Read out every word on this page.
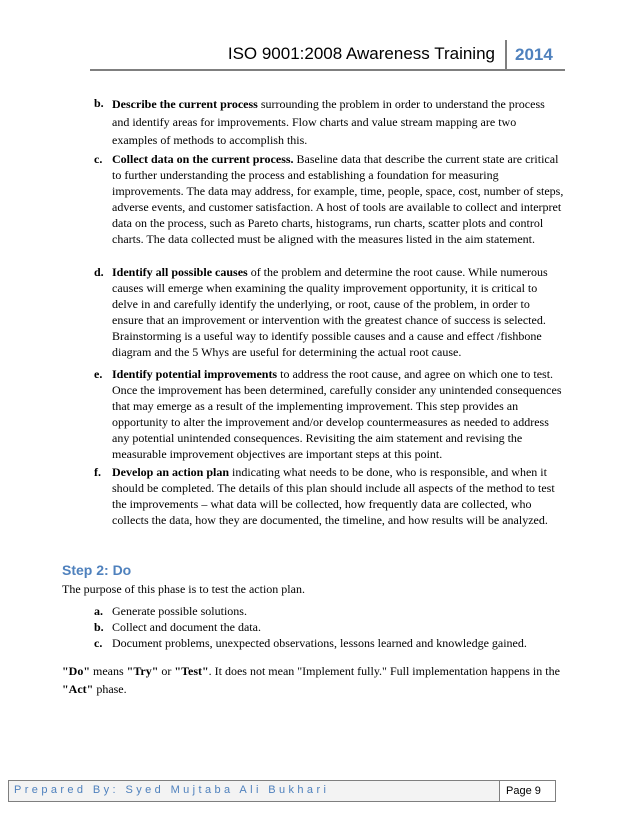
ISO 9001:2008 Awareness Training	2014
b. Describe the current process surrounding the problem in order to understand the process and identify areas for improvements. Flow charts and value stream mapping are two examples of methods to accomplish this.
c. Collect data on the current process. Baseline data that describe the current state are critical to further understanding the process and establishing a foundation for measuring improvements. The data may address, for example, time, people, space, cost, number of steps, adverse events, and customer satisfaction. A host of tools are available to collect and interpret data on the process, such as Pareto charts, histograms, run charts, scatter plots and control charts. The data collected must be aligned with the measures listed in the aim statement.
d. Identify all possible causes of the problem and determine the root cause. While numerous causes will emerge when examining the quality improvement opportunity, it is critical to delve in and carefully identify the underlying, or root, cause of the problem, in order to ensure that an improvement or intervention with the greatest chance of success is selected. Brainstorming is a useful way to identify possible causes and a cause and effect /fishbone diagram and the 5 Whys are useful for determining the actual root cause.
e. Identify potential improvements to address the root cause, and agree on which one to test. Once the improvement has been determined, carefully consider any unintended consequences that may emerge as a result of the implementing improvement. This step provides an opportunity to alter the improvement and/or develop countermeasures as needed to address any potential unintended consequences. Revisiting the aim statement and revising the measurable improvement objectives are important steps at this point.
f. Develop an action plan indicating what needs to be done, who is responsible, and when it should be completed. The details of this plan should include all aspects of the method to test the improvements – what data will be collected, how frequently data are collected, who collects the data, how they are documented, the timeline, and how results will be analyzed.
Step 2: Do
The purpose of this phase is to test the action plan.
a. Generate possible solutions.
b. Collect and document the data.
c. Document problems, unexpected observations, lessons learned and knowledge gained.
"Do" means "Try" or "Test". It does not mean "Implement fully." Full implementation happens in the "Act" phase.
Prepared By: Syed Mujtaba Ali Bukhari	Page 9
